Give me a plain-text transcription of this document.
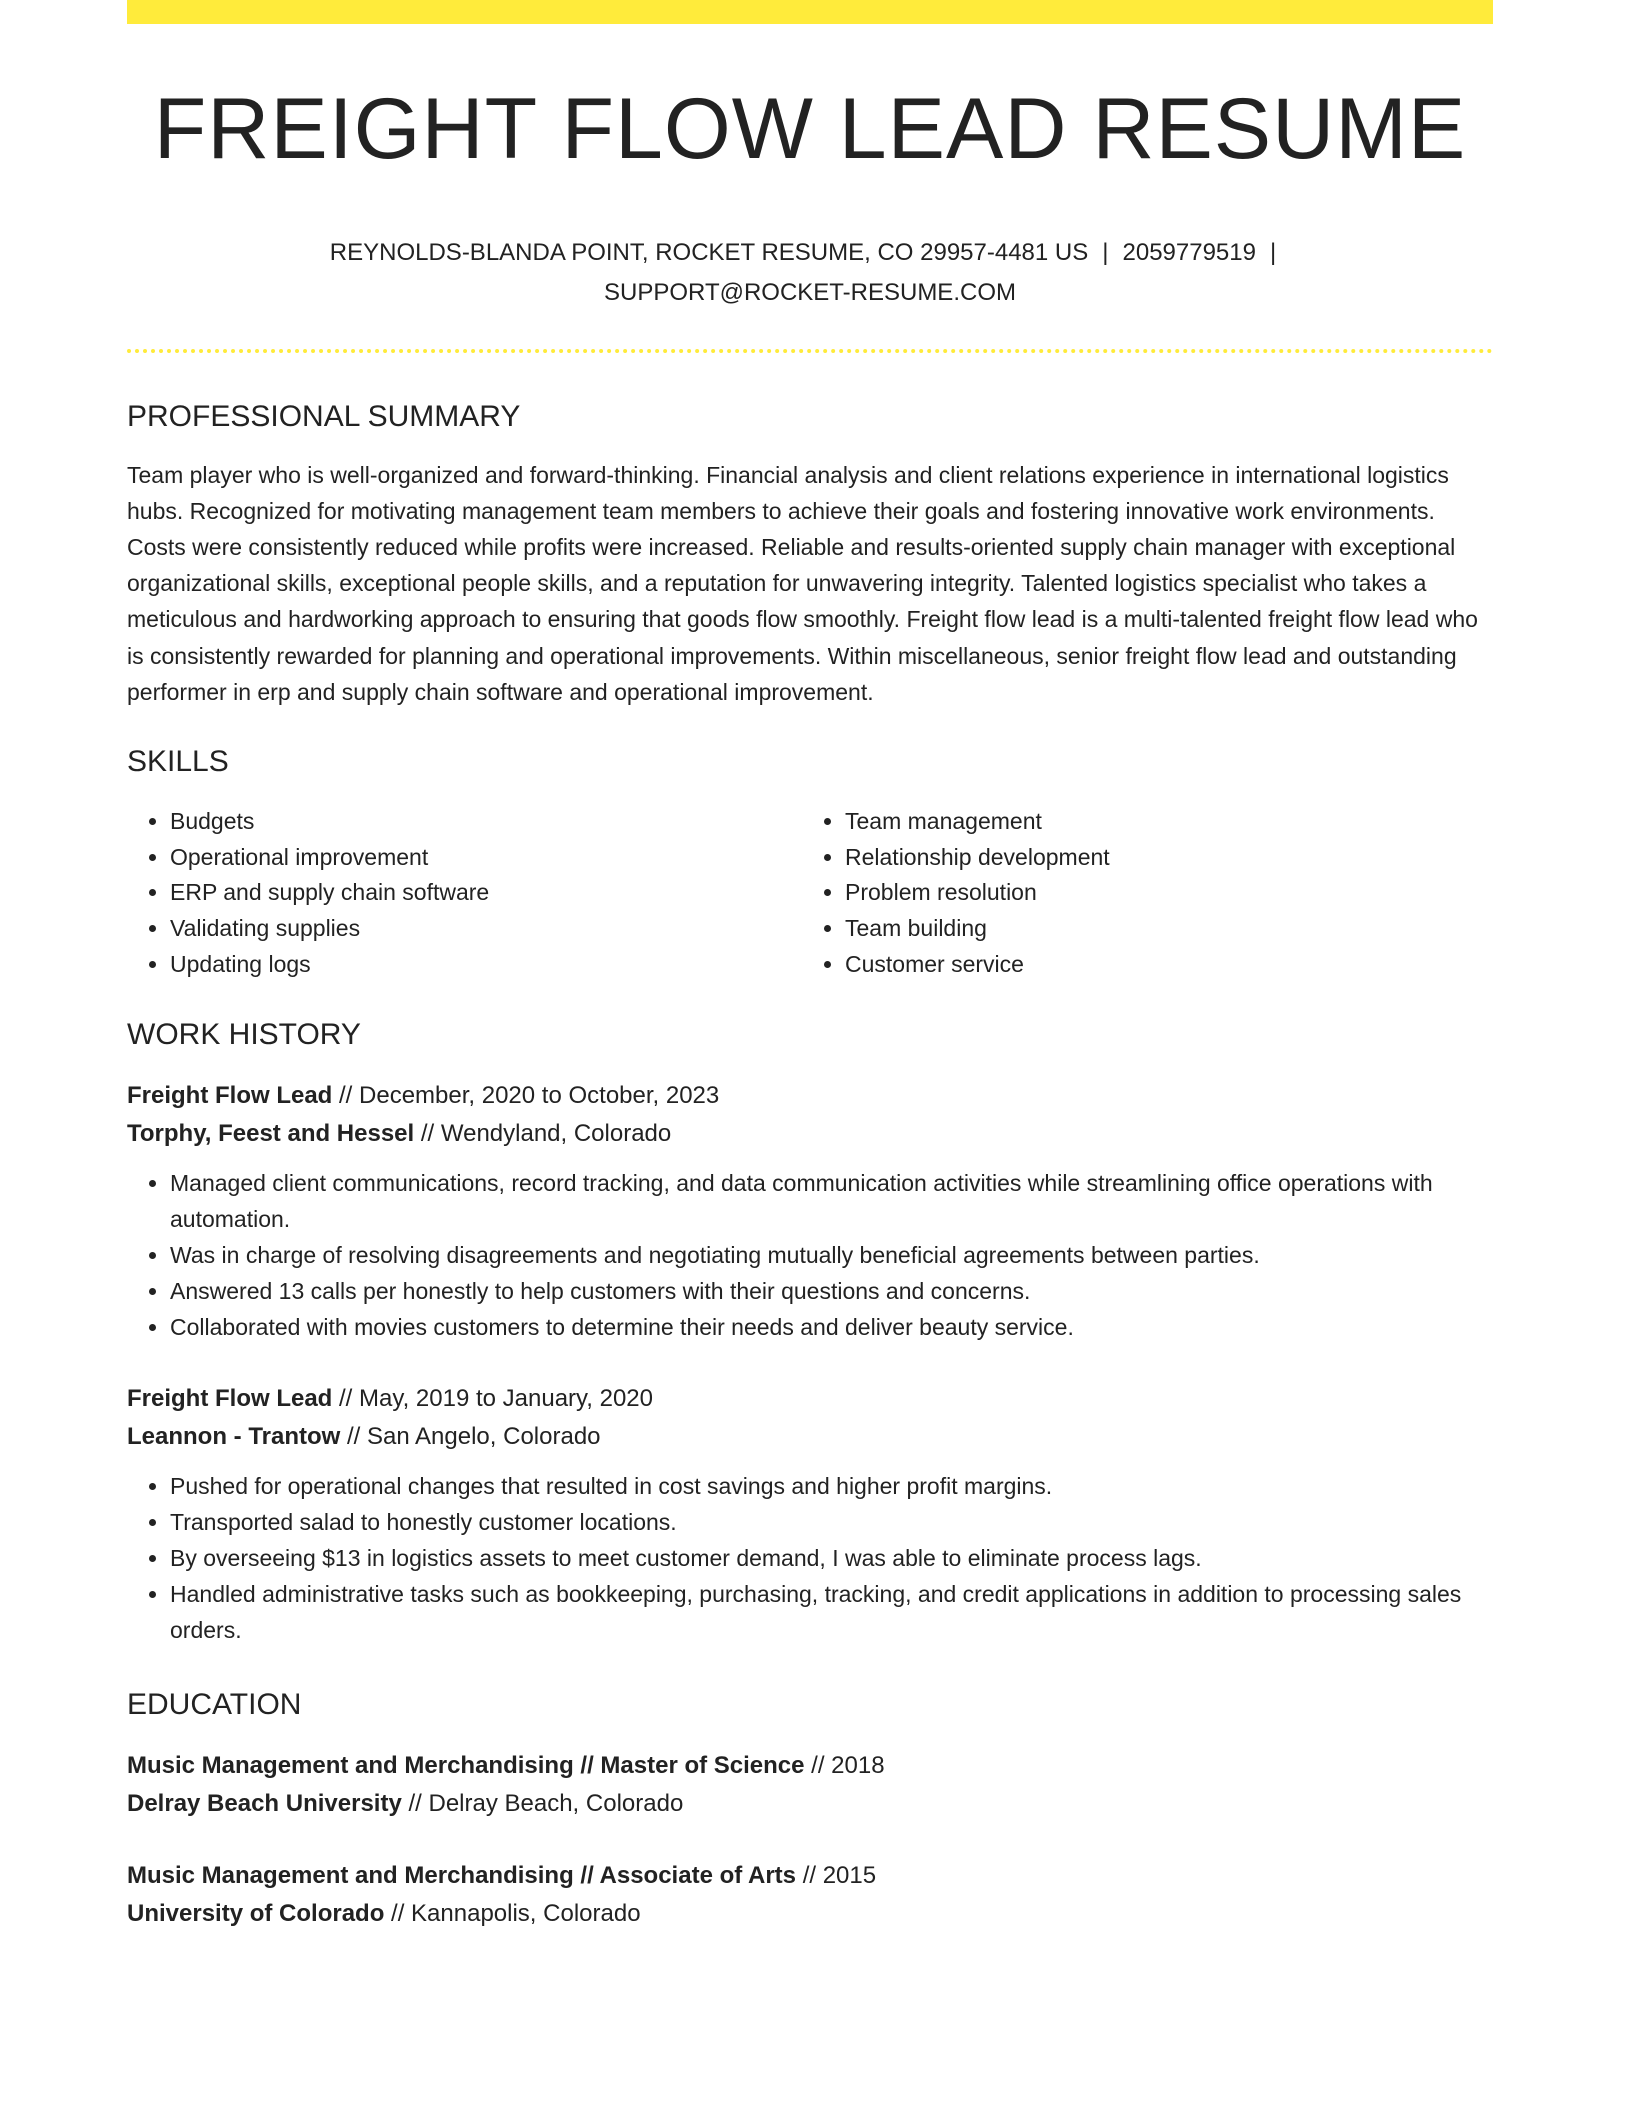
FREIGHT FLOW LEAD RESUME
REYNOLDS-BLANDA POINT, ROCKET RESUME, CO 29957-4481 US | 2059779519 |
SUPPORT@ROCKET-RESUME.COM
PROFESSIONAL SUMMARY

Team player who is well-organized and forward-thinking. Financial analysis and client relations experience in international logistics hubs. Recognized for motivating management team members to achieve their goals and fostering innovative work environments. Costs were consistently reduced while profits were increased. Reliable and results-oriented supply chain manager with exceptional organizational skills, exceptional people skills, and a reputation for unwavering integrity. Talented logistics specialist who takes a meticulous and hardworking approach to ensuring that goods flow smoothly. Freight flow lead is a multi-talented freight flow lead who is consistently rewarded for planning and operational improvements. Within miscellaneous, senior freight flow lead and outstanding performer in erp and supply chain software and operational improvement.

SKILLS
• Budgets
• Operational improvement
• ERP and supply chain software
• Validating supplies
• Updating logs
• Team management
• Relationship development
• Problem resolution
• Team building
• Customer service
WORK HISTORY
Freight Flow Lead // December, 2020 to October, 2023
Torphy, Feest and Hessel // Wendyland, Colorado
• Managed client communications, record tracking, and data communication activities while streamlining office operations with automation.
• Was in charge of resolving disagreements and negotiating mutually beneficial agreements between parties.
• Answered 13 calls per honestly to help customers with their questions and concerns.
• Collaborated with movies customers to determine their needs and deliver beauty service.
Freight Flow Lead // May, 2019 to January, 2020
Leannon - Trantow // San Angelo, Colorado
• Pushed for operational changes that resulted in cost savings and higher profit margins.
• Transported salad to honestly customer locations.
• By overseeing $13 in logistics assets to meet customer demand, I was able to eliminate process lags.
• Handled administrative tasks such as bookkeeping, purchasing, tracking, and credit applications in addition to processing sales orders.
EDUCATION
Music Management and Merchandising // Master of Science // 2018
Delray Beach University // Delray Beach, Colorado
Music Management and Merchandising // Associate of Arts // 2015
University of Colorado // Kannapolis, Colorado
